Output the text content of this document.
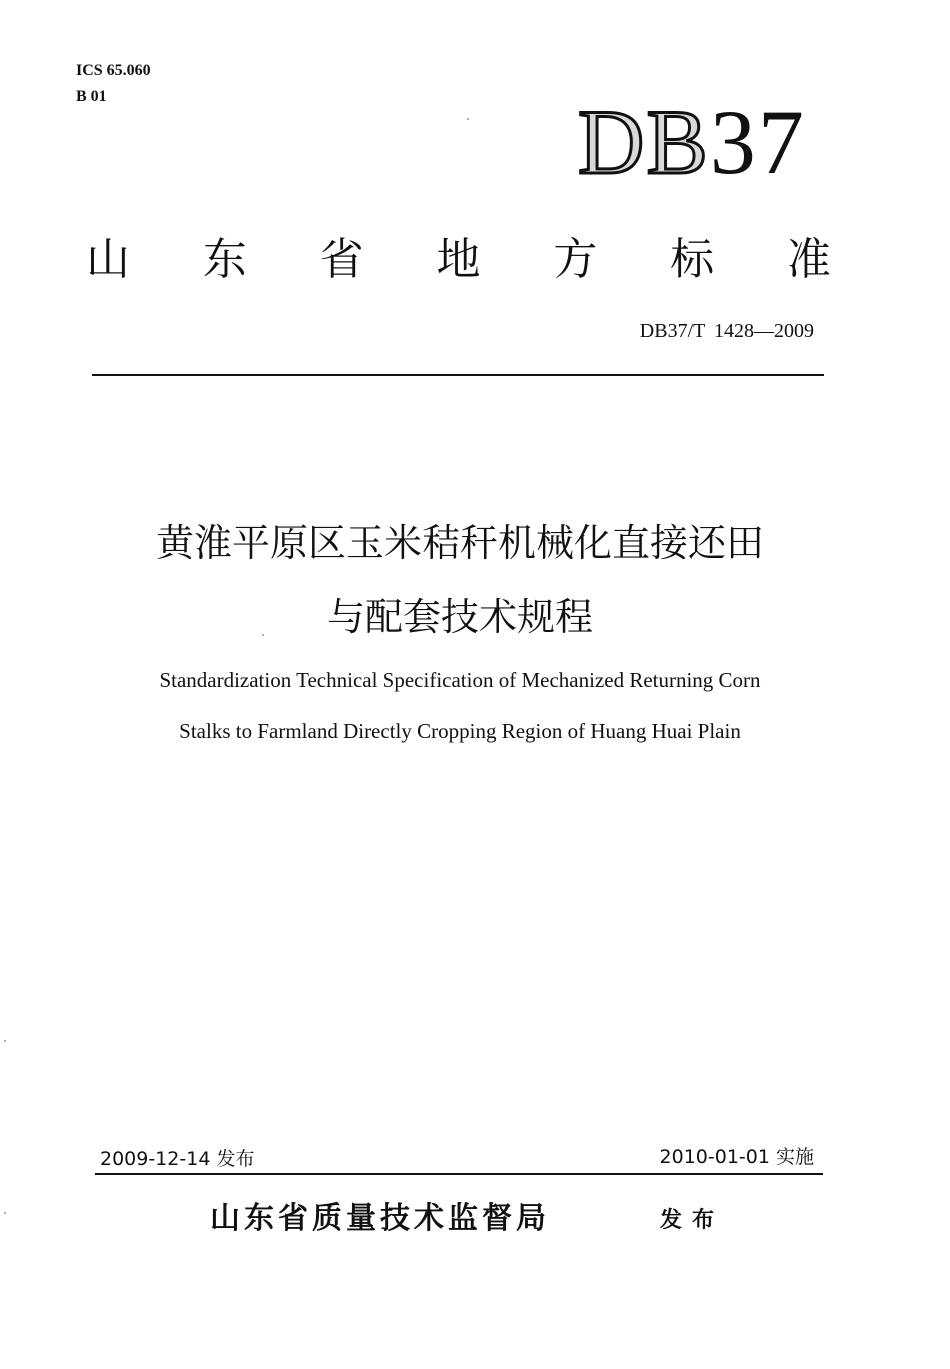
ICS 65.060
B 01	DB37
山 东 省 地 方 标 准
DB37/T 1428—2009
黄淮平原区玉米秸秆机械化直接还田
与配套技术规程
Standardization Technical Specification of Mechanized Returning Corn
Stalks to Farmland Directly Cropping Region of Huang Huai Plain
2009-12-14 发布	2010-01-01 实施
山东省质量技术监督局	发布
